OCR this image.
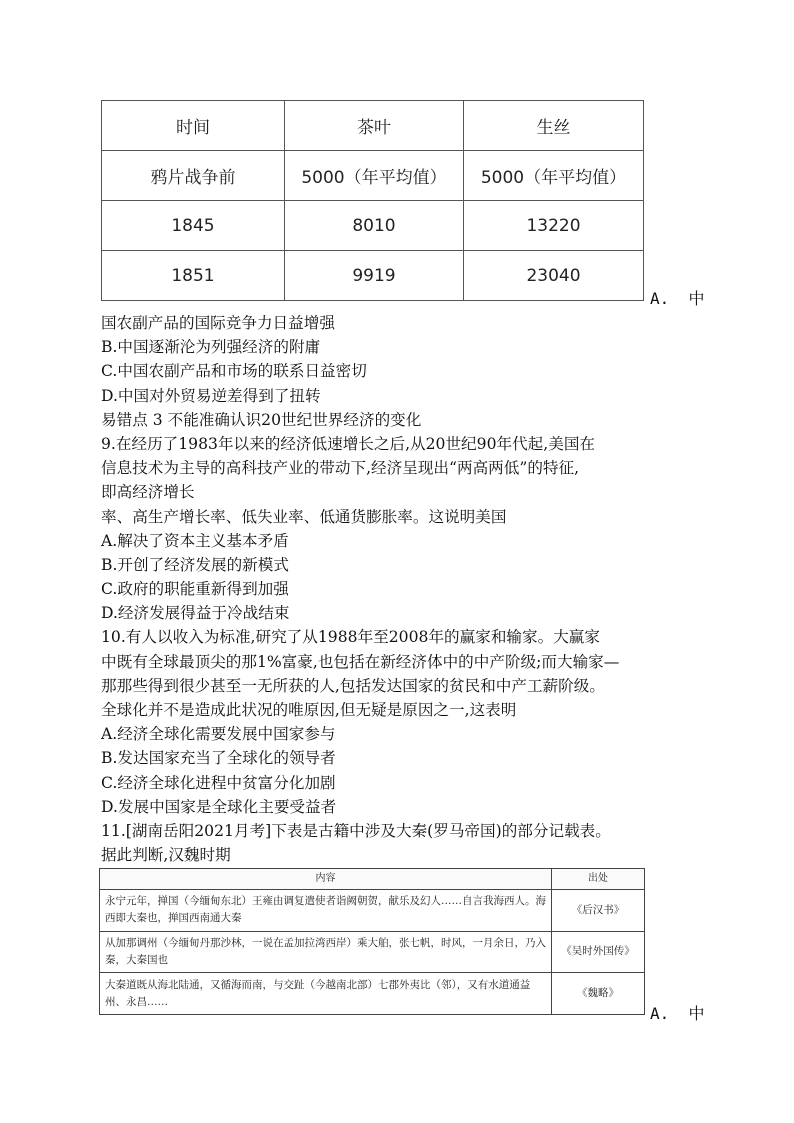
时间	茶叶	生丝
鸦片战争前	5000（年平均值）	5000（年平均值）
1845	8010	13220
1851	9919	23040
A.  中
国农副产品的国际竞争力日益增强
B.中国逐渐沦为列强经济的附庸
C.中国农副产品和市场的联系日益密切
D.中国对外贸易逆差得到了扭转
易错点 3 不能准确认识20世纪世界经济的变化
9.在经历了1983年以来的经济低速增长之后,从20世纪90年代起,美国在
信息技术为主导的高科技产业的带动下,经济呈现出“两高两低”的特征,
即高经济增长
率、高生产增长率、低失业率、低通货膨胀率。这说明美国
A.解决了资本主义基本矛盾
B.开创了经济发展的新模式
C.政府的职能重新得到加强
D.经济发展得益于冷战结束
10.有人以收入为标准,研究了从1988年至2008年的赢家和输家。大赢家
中既有全球最顶尖的那1%富豪,也包括在新经济体中的中产阶级;而大输家—
那那些得到很少甚至一无所获的人,包括发达国家的贫民和中产工薪阶级。
全球化并不是造成此状况的唯原因,但无疑是原因之一,这表明
A.经济全球化需要发展中国家参与
B.发达国家充当了全球化的领导者
C.经济全球化进程中贫富分化加剧
D.发展中国家是全球化主要受益者
11.[湖南岳阳2021月考]下表是古籍中涉及大秦(罗马帝国)的部分记载表。
据此判断,汉魏时期
内容	出处
永宁元年，掸国（今缅甸东北）王雍由调复遣使者诣阙朝贺，献乐及幻人……自言我海西人。海西即大秦也，掸国西南通大秦	《后汉书》
从加那调州（今缅甸丹那沙林，一说在孟加拉湾西岸）乘大舶，张七帆，时风，一月余日，乃入秦，大秦国也	《吴时外国传》
大秦道既从海北陆通，又循海而南，与交趾（今越南北部）七郡外夷比（邻），又有水道通益州、永昌……	《魏略》
A.  中
